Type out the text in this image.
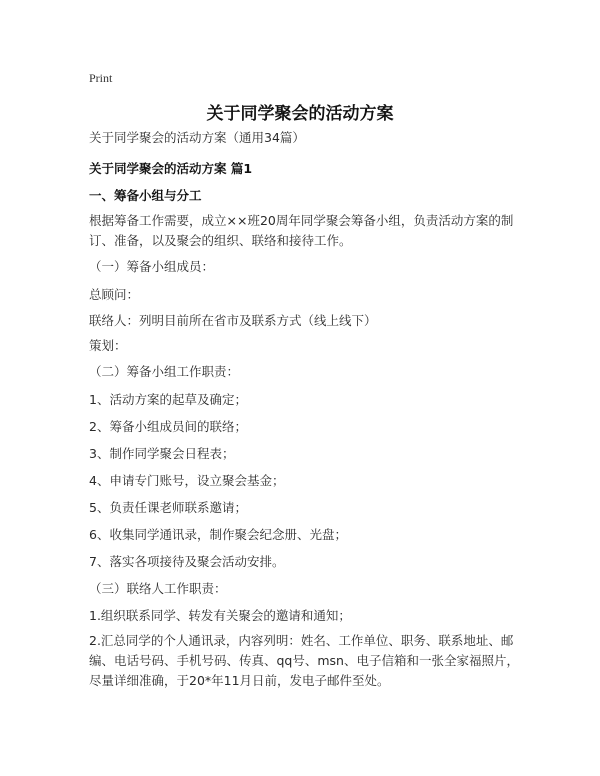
Print
关于同学聚会的活动方案
关于同学聚会的活动方案（通用34篇）
关于同学聚会的活动方案 篇1
一、筹备小组与分工
根据筹备工作需要，成立××班20周年同学聚会筹备小组，负责活动方案的制订、准备，以及聚会的组织、联络和接待工作。
（一）筹备小组成员：
总顾问：
联络人：列明目前所在省市及联系方式（线上线下）
策划：
（二）筹备小组工作职责：
1、活动方案的起草及确定；
2、筹备小组成员间的联络；
3、制作同学聚会日程表；
4、申请专门账号，设立聚会基金；
5、负责任课老师联系邀请；
6、收集同学通讯录，制作聚会纪念册、光盘；
7、落实各项接待及聚会活动安排。
（三）联络人工作职责：
1.组织联系同学、转发有关聚会的邀请和通知；
2.汇总同学的个人通讯录，内容列明：姓名、工作单位、职务、联系地址、邮编、电话号码、手机号码、传真、qq号、msn、电子信箱和一张全家福照片，尽量详细准确，于20*年11月日前，发电子邮件至处。
